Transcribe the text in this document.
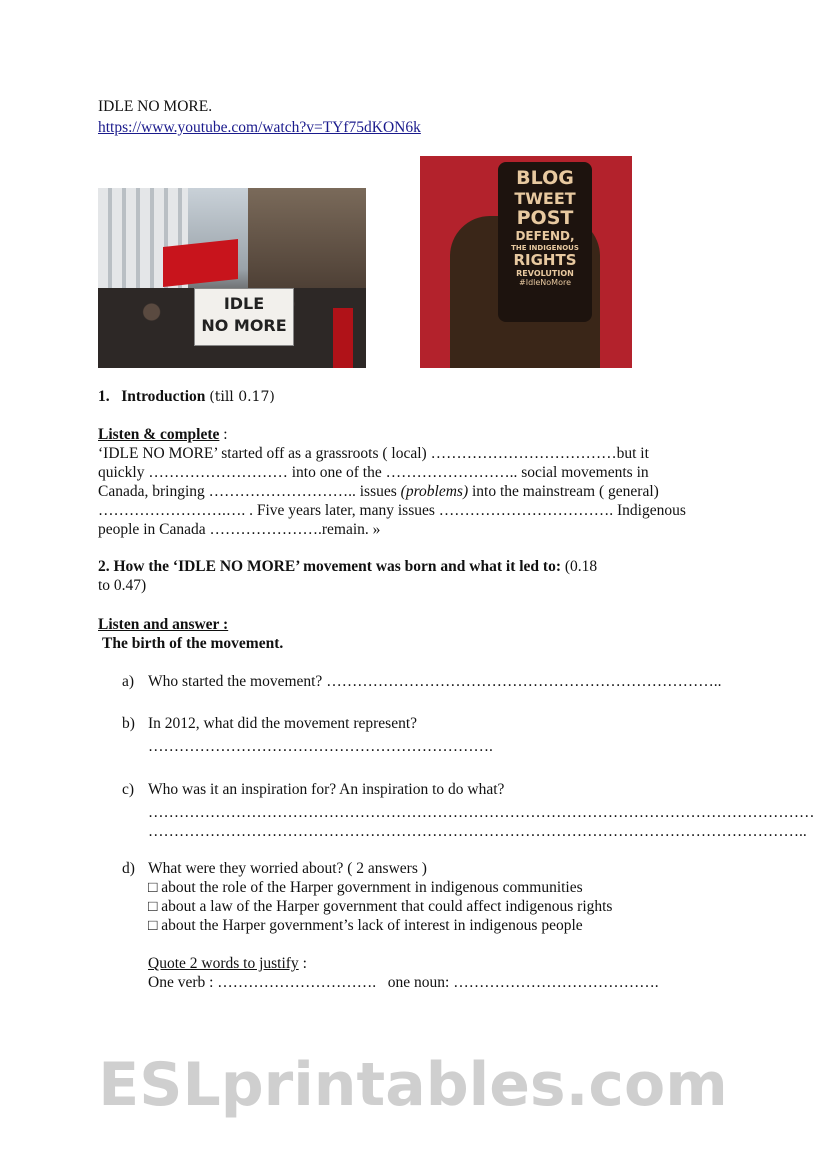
IDLE NO MORE.
https://www.youtube.com/watch?v=TYf75dKON6k
IDLE
NO MORE
BLOG
TWEET
POST
DEFEND,
THE INDIGENOUS
RIGHTS
REVOLUTION
#IdleNoMore
1. Introduction (till 0.17)
Listen & complete :
‘IDLE NO MORE’ started off as a grassroots ( local) ………………………………but it
quickly ……………………… into one of the …………………….. social movements in
Canada, bringing ……………………….. issues (problems) into the mainstream ( general)
…………………….…. . Five years later, many issues ……………………………. Indigenous
people in Canada ………………….remain. »
2. How the ‘IDLE NO MORE’ movement was born and what it led to: (0.18
to 0.47)
Listen and answer :
The birth of the movement.
a) Who started the movement? …………………………………………………………………..
b) In 2012, what did the movement represent?
………………………………………………………….
c) Who was it an inspiration for? An inspiration to do what?
…………………………………………………………………………………………………………………
………………………………………………………………………………………………………………..
d) What were they worried about? ( 2 answers )
□ about the role of the Harper government in indigenous communities
□ about a law of the Harper government that could affect indigenous rights
□ about the Harper government’s lack of interest in indigenous people
Quote 2 words to justify :
One verb : ………………………….   one noun: ………………………………….
ESLprintables.com
